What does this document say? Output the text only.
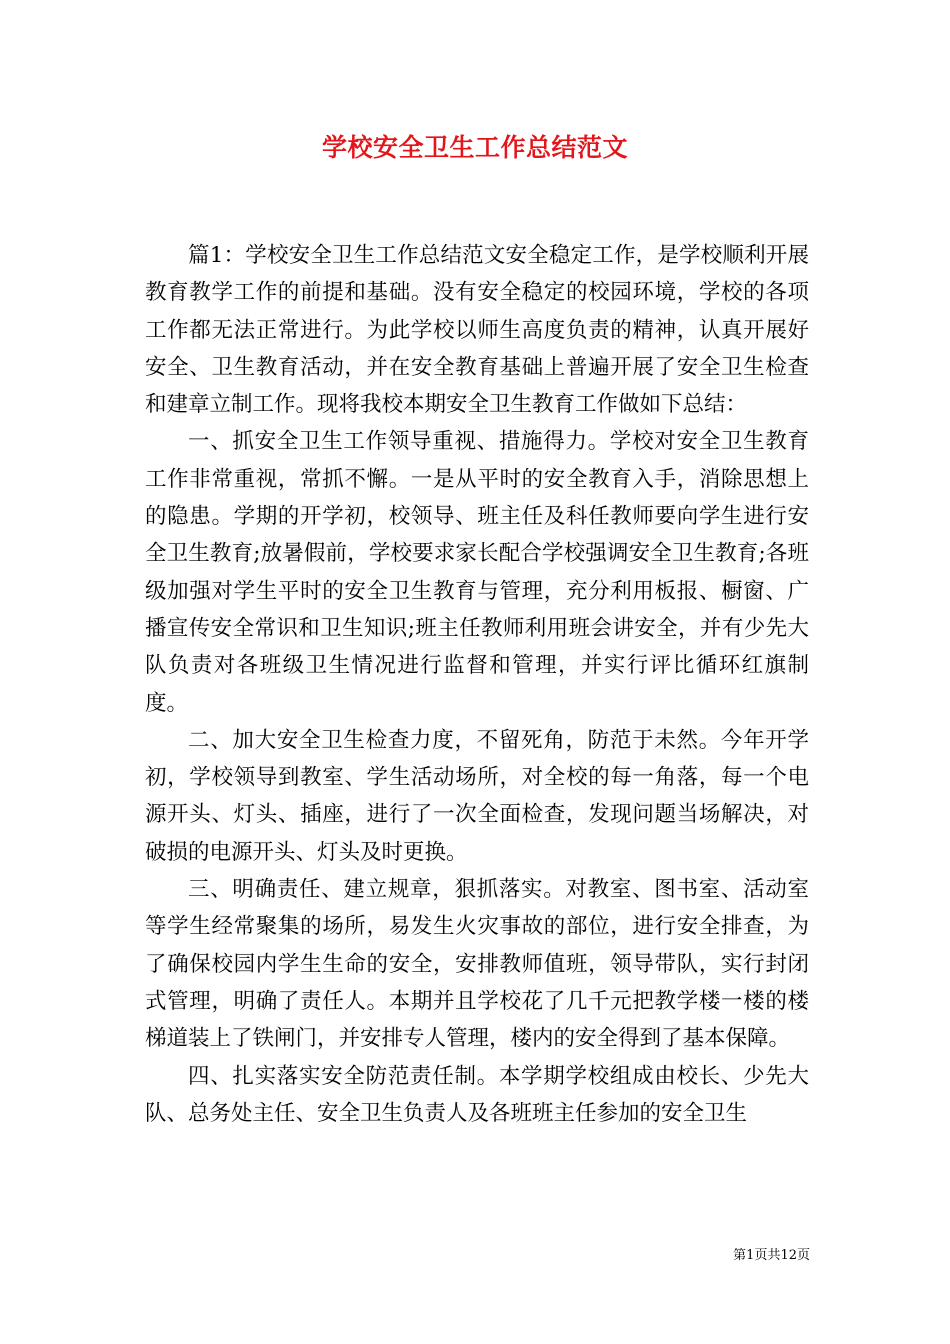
学校安全卫生工作总结范文

篇1：学校安全卫生工作总结范文安全稳定工作，是学校顺利开展教育教学工作的前提和基础。没有安全稳定的校园环境，学校的各项工作都无法正常进行。为此学校以师生高度负责的精神，认真开展好安全、卫生教育活动，并在安全教育基础上普遍开展了安全卫生检查和建章立制工作。现将我校本期安全卫生教育工作做如下总结：

一、抓安全卫生工作领导重视、措施得力。学校对安全卫生教育工作非常重视，常抓不懈。一是从平时的安全教育入手，消除思想上的隐患。学期的开学初，校领导、班主任及科任教师要向学生进行安全卫生教育;放暑假前，学校要求家长配合学校强调安全卫生教育;各班级加强对学生平时的安全卫生教育与管理，充分利用板报、橱窗、广播宣传安全常识和卫生知识;班主任教师利用班会讲安全，并有少先大队负责对各班级卫生情况进行监督和管理，并实行评比循环红旗制度。

二、加大安全卫生检查力度，不留死角，防范于未然。今年开学初，学校领导到教室、学生活动场所，对全校的每一角落，每一个电源开头、灯头、插座，进行了一次全面检查，发现问题当场解决，对破损的电源开头、灯头及时更换。

三、明确责任、建立规章，狠抓落实。对教室、图书室、活动室等学生经常聚集的场所，易发生火灾事故的部位，进行安全排查，为了确保校园内学生生命的安全，安排教师值班，领导带队，实行封闭式管理，明确了责任人。本期并且学校花了几千元把教学楼一楼的楼梯道装上了铁闸门，并安排专人管理，楼内的安全得到了基本保障。

四、扎实落实安全防范责任制。本学期学校组成由校长、少先大队、总务处主任、安全卫生负责人及各班班主任参加的安全卫生

第1页共12页
